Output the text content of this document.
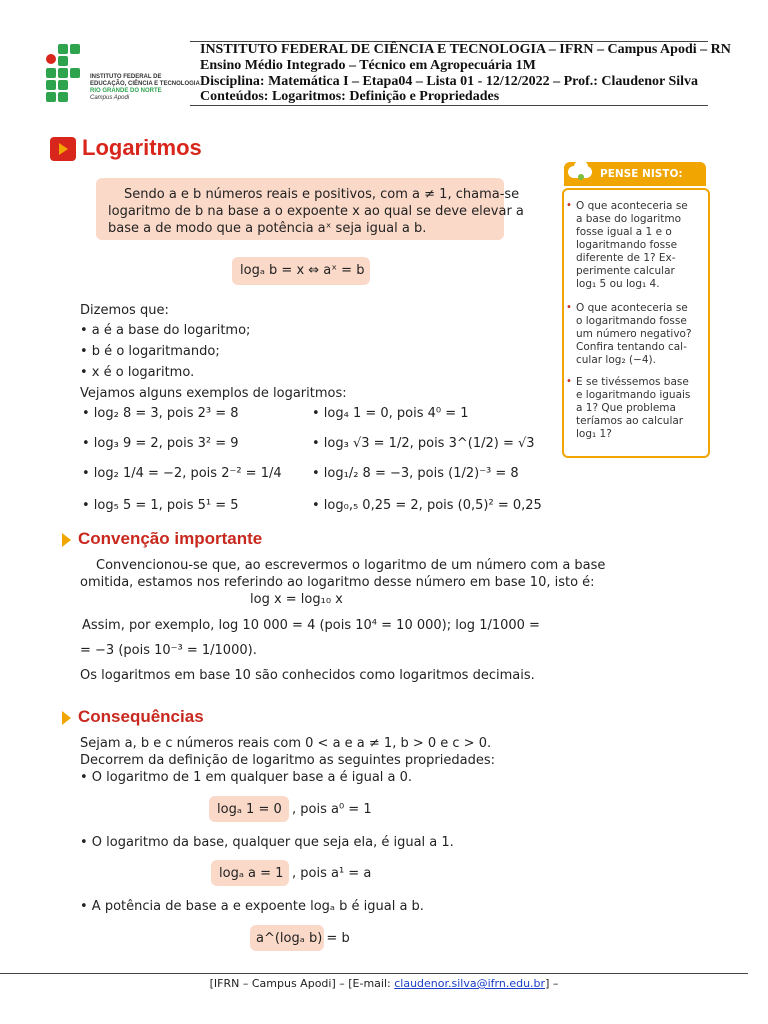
INSTITUTO FEDERAL DE
EDUCAÇÃO, CIÊNCIA E TECNOLOGIA
RIO GRANDE DO NORTE
Campus Apodi
INSTITUTO FEDERAL DE CIÊNCIA E TECNOLOGIA – IFRN – Campus Apodi – RN
Ensino Médio Integrado – Técnico em Agropecuária 1M
Disciplina: Matemática I – Etapa04 – Lista 01 - 12/12/2022 – Prof.: Claudenor Silva
Conteúdos: Logaritmos: Definição e Propriedades
Logaritmos
Sendo a e b números reais e positivos, com a ≠ 1, chama-se
logaritmo de b na base a o expoente x ao qual se deve elevar a
base a de modo que a potência aˣ seja igual a b.
logₐ b = x ⇔ aˣ = b
Dizemos que:
• a é a base do logaritmo;
• b é o logaritmando;
• x é o logaritmo.
Vejamos alguns exemplos de logaritmos:
• log₂ 8 = 3, pois 2³ = 8
• log₃ 9 = 2, pois 3² = 9
• log₂ 1/4 = −2, pois 2⁻² = 1/4
• log₅ 5 = 1, pois 5¹ = 5
• log₄ 1 = 0, pois 4⁰ = 1
• log₃ √3 = 1/2, pois 3^(1/2) = √3
• log₁/₂ 8 = −3, pois (1/2)⁻³ = 8
• log₀,₅ 0,25 = 2, pois (0,5)² = 0,25
Convenção importante
Convencionou-se que, ao escrevermos o logaritmo de um número com a base
omitida, estamos nos referindo ao logaritmo desse número em base 10, isto é:
log x = log₁₀ x
Assim, por exemplo, log 10 000 = 4 (pois 10⁴ = 10 000); log 1/1000 =
= −3 (pois 10⁻³ = 1/1000).
Os logaritmos em base 10 são conhecidos como logaritmos decimais.
Consequências
Sejam a, b e c números reais com 0 < a e a ≠ 1, b > 0 e c > 0.
Decorrem da definição de logaritmo as seguintes propriedades:
• O logaritmo de 1 em qualquer base a é igual a 0.
logₐ 1 = 0 , pois a⁰ = 1
• O logaritmo da base, qualquer que seja ela, é igual a 1.
logₐ a = 1 , pois a¹ = a
• A potência de base a e expoente logₐ b é igual a b.
a^(logₐ b) = b
PENSE NISTO:
• O que aconteceria se
a base do logaritmo
fosse igual a 1 e o
logaritmando fosse
diferente de 1? Ex-
perimente calcular
log₁ 5 ou log₁ 4.
• O que aconteceria se
o logaritmando fosse
um número negativo?
Confira tentando cal-
cular log₂ (−4).
• E se tivéssemos base
e logaritmando iguais
a 1? Que problema
teríamos ao calcular
log₁ 1?
[IFRN – Campus Apodi] – [E-mail: claudenor.silva@ifrn.edu.br] –
